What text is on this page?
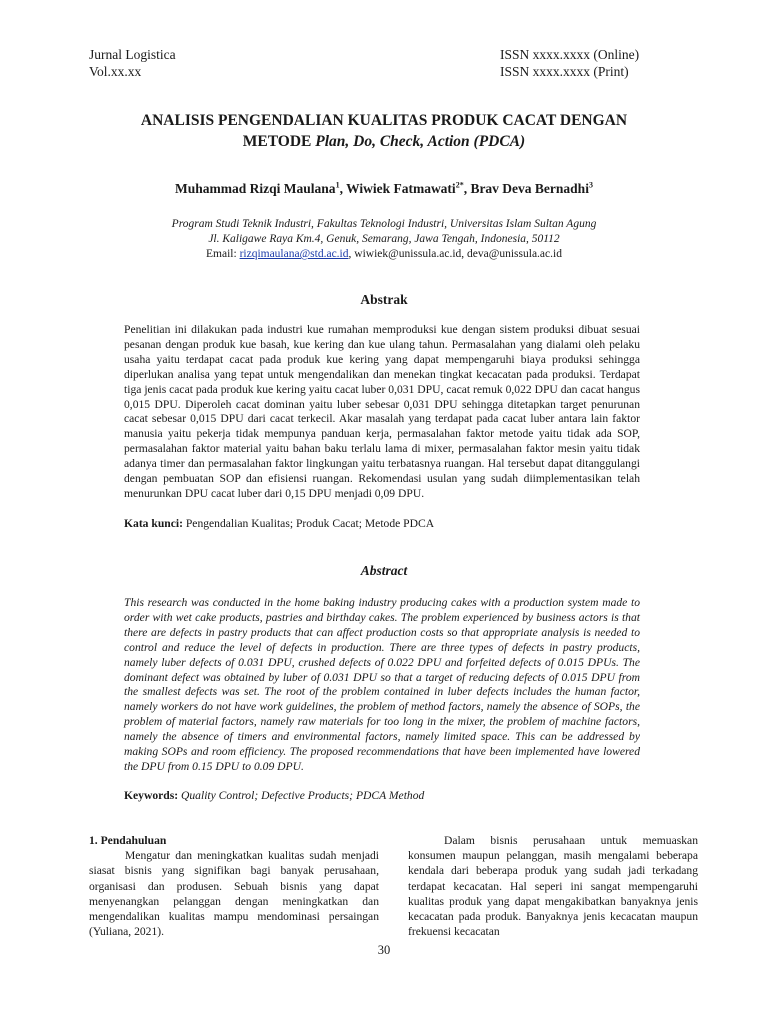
Jurnal Logistica
Vol.xx.xx
ISSN xxxx.xxxx (Online)
ISSN xxxx.xxxx (Print)
ANALISIS PENGENDALIAN KUALITAS PRODUK CACAT DENGAN
METODE Plan, Do, Check, Action (PDCA)
Muhammad Rizqi Maulana$^1$, Wiwiek Fatmawati$^{2*}$, Brav Deva Bernadhi$^3$
Program Studi Teknik Industri, Fakultas Teknologi Industri, Universitas Islam Sultan Agung
Jl. Kaligawe Raya Km.4, Genuk, Semarang, Jawa Tengah, Indonesia, 50112
Email: rizqimaulana@std.ac.id, wiwiek@unissula.ac.id, deva@unissula.ac.id
Abstrak
Penelitian ini dilakukan pada industri kue rumahan memproduksi kue dengan sistem produksi dibuat sesuai pesanan dengan produk kue basah, kue kering dan kue ulang tahun. Permasalahan yang dialami oleh pelaku usaha yaitu terdapat cacat pada produk kue kering yang dapat mempengaruhi biaya produksi sehingga diperlukan analisa yang tepat untuk mengendalikan dan menekan tingkat kecacatan pada produksi. Terdapat tiga jenis cacat pada produk kue kering yaitu cacat luber 0,031 DPU, cacat remuk 0,022 DPU dan cacat hangus 0,015 DPU. Diperoleh cacat dominan yaitu luber sebesar 0,031 DPU sehingga ditetapkan target penurunan cacat sebesar 0,015 DPU dari cacat terkecil. Akar masalah yang terdapat pada cacat luber antara lain faktor manusia yaitu pekerja tidak mempunya panduan kerja, permasalahan faktor metode yaitu tidak ada SOP, permasalahan faktor material yaitu bahan baku terlalu lama di mixer, permasalahan faktor mesin yaitu tidak adanya timer dan permasalahan faktor lingkungan yaitu terbatasnya ruangan. Hal tersebut dapat ditanggulangi dengan pembuatan SOP dan efisiensi ruangan. Rekomendasi usulan yang sudah diimplementasikan telah menurunkan DPU cacat luber dari 0,15 DPU menjadi 0,09 DPU.
Kata kunci: Pengendalian Kualitas; Produk Cacat; Metode PDCA
Abstract
This research was conducted in the home baking industry producing cakes with a production system made to order with wet cake products, pastries and birthday cakes. The problem experienced by business actors is that there are defects in pastry products that can affect production costs so that appropriate analysis is needed to control and reduce the level of defects in production. There are three types of defects in pastry products, namely luber defects of 0.031 DPU, crushed defects of 0.022 DPU and forfeited defects of 0.015 DPUs. The dominant defect was obtained by luber of 0.031 DPU so that a target of reducing defects of 0.015 DPU from the smallest defects was set. The root of the problem contained in luber defects includes the human factor, namely workers do not have work guidelines, the problem of method factors, namely the absence of SOPs, the problem of material factors, namely raw materials for too long in the mixer, the problem of machine factors, namely the absence of timers and environmental factors, namely limited space. This can be addressed by making SOPs and room efficiency. The proposed recommendations that have been implemented have lowered the DPU from 0.15 DPU to 0.09 DPU.
Keywords: Quality Control; Defective Products; PDCA Method
1. Pendahuluan

Mengatur dan meningkatkan kualitas sudah menjadi siasat bisnis yang signifikan bagi banyak perusahaan, organisasi dan produsen. Sebuah bisnis yang dapat menyenangkan pelanggan dengan meningkatkan dan mengendalikan kualitas mampu mendominasi persaingan (Yuliana, 2021).

Dalam bisnis perusahaan untuk memuaskan konsumen maupun pelanggan, masih mengalami beberapa kendala dari beberapa produk yang sudah jadi terkadang terdapat kecacatan. Hal seperi ini sangat mempengaruhi kualitas produk yang dapat mengakibatkan banyaknya jenis kecacatan pada produk. Banyaknya jenis kecacatan maupun frekuensi kecacatan

30
